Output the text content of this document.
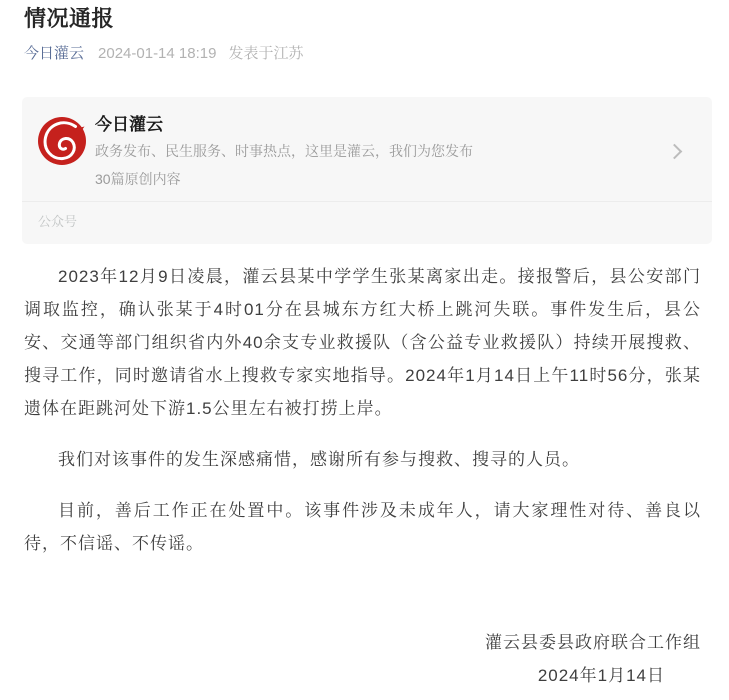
情况通报
今日灌云 2024-01-14 18:19 发表于江苏
今日灌云
政务发布、民生服务、时事热点，这里是灌云，我们为您发布
30篇原创内容
公众号

2023年12月9日凌晨，灌云县某中学学生张某离家出走。接报警后，县公安部门调取监控，确认张某于4时01分在县城东方红大桥上跳河失联。事件发生后，县公安、交通等部门组织省内外40余支专业救援队（含公益专业救援队）持续开展搜救、搜寻工作，同时邀请省水上搜救专家实地指导。2024年1月14日上午11时56分，张某遗体在距跳河处下游1.5公里左右被打捞上岸。

我们对该事件的发生深感痛惜，感谢所有参与搜救、搜寻的人员。

目前，善后工作正在处置中。该事件涉及未成年人，请大家理性对待、善良以待，不信谣、不传谣。

灌云县委县政府联合工作组
2024年1月14日
